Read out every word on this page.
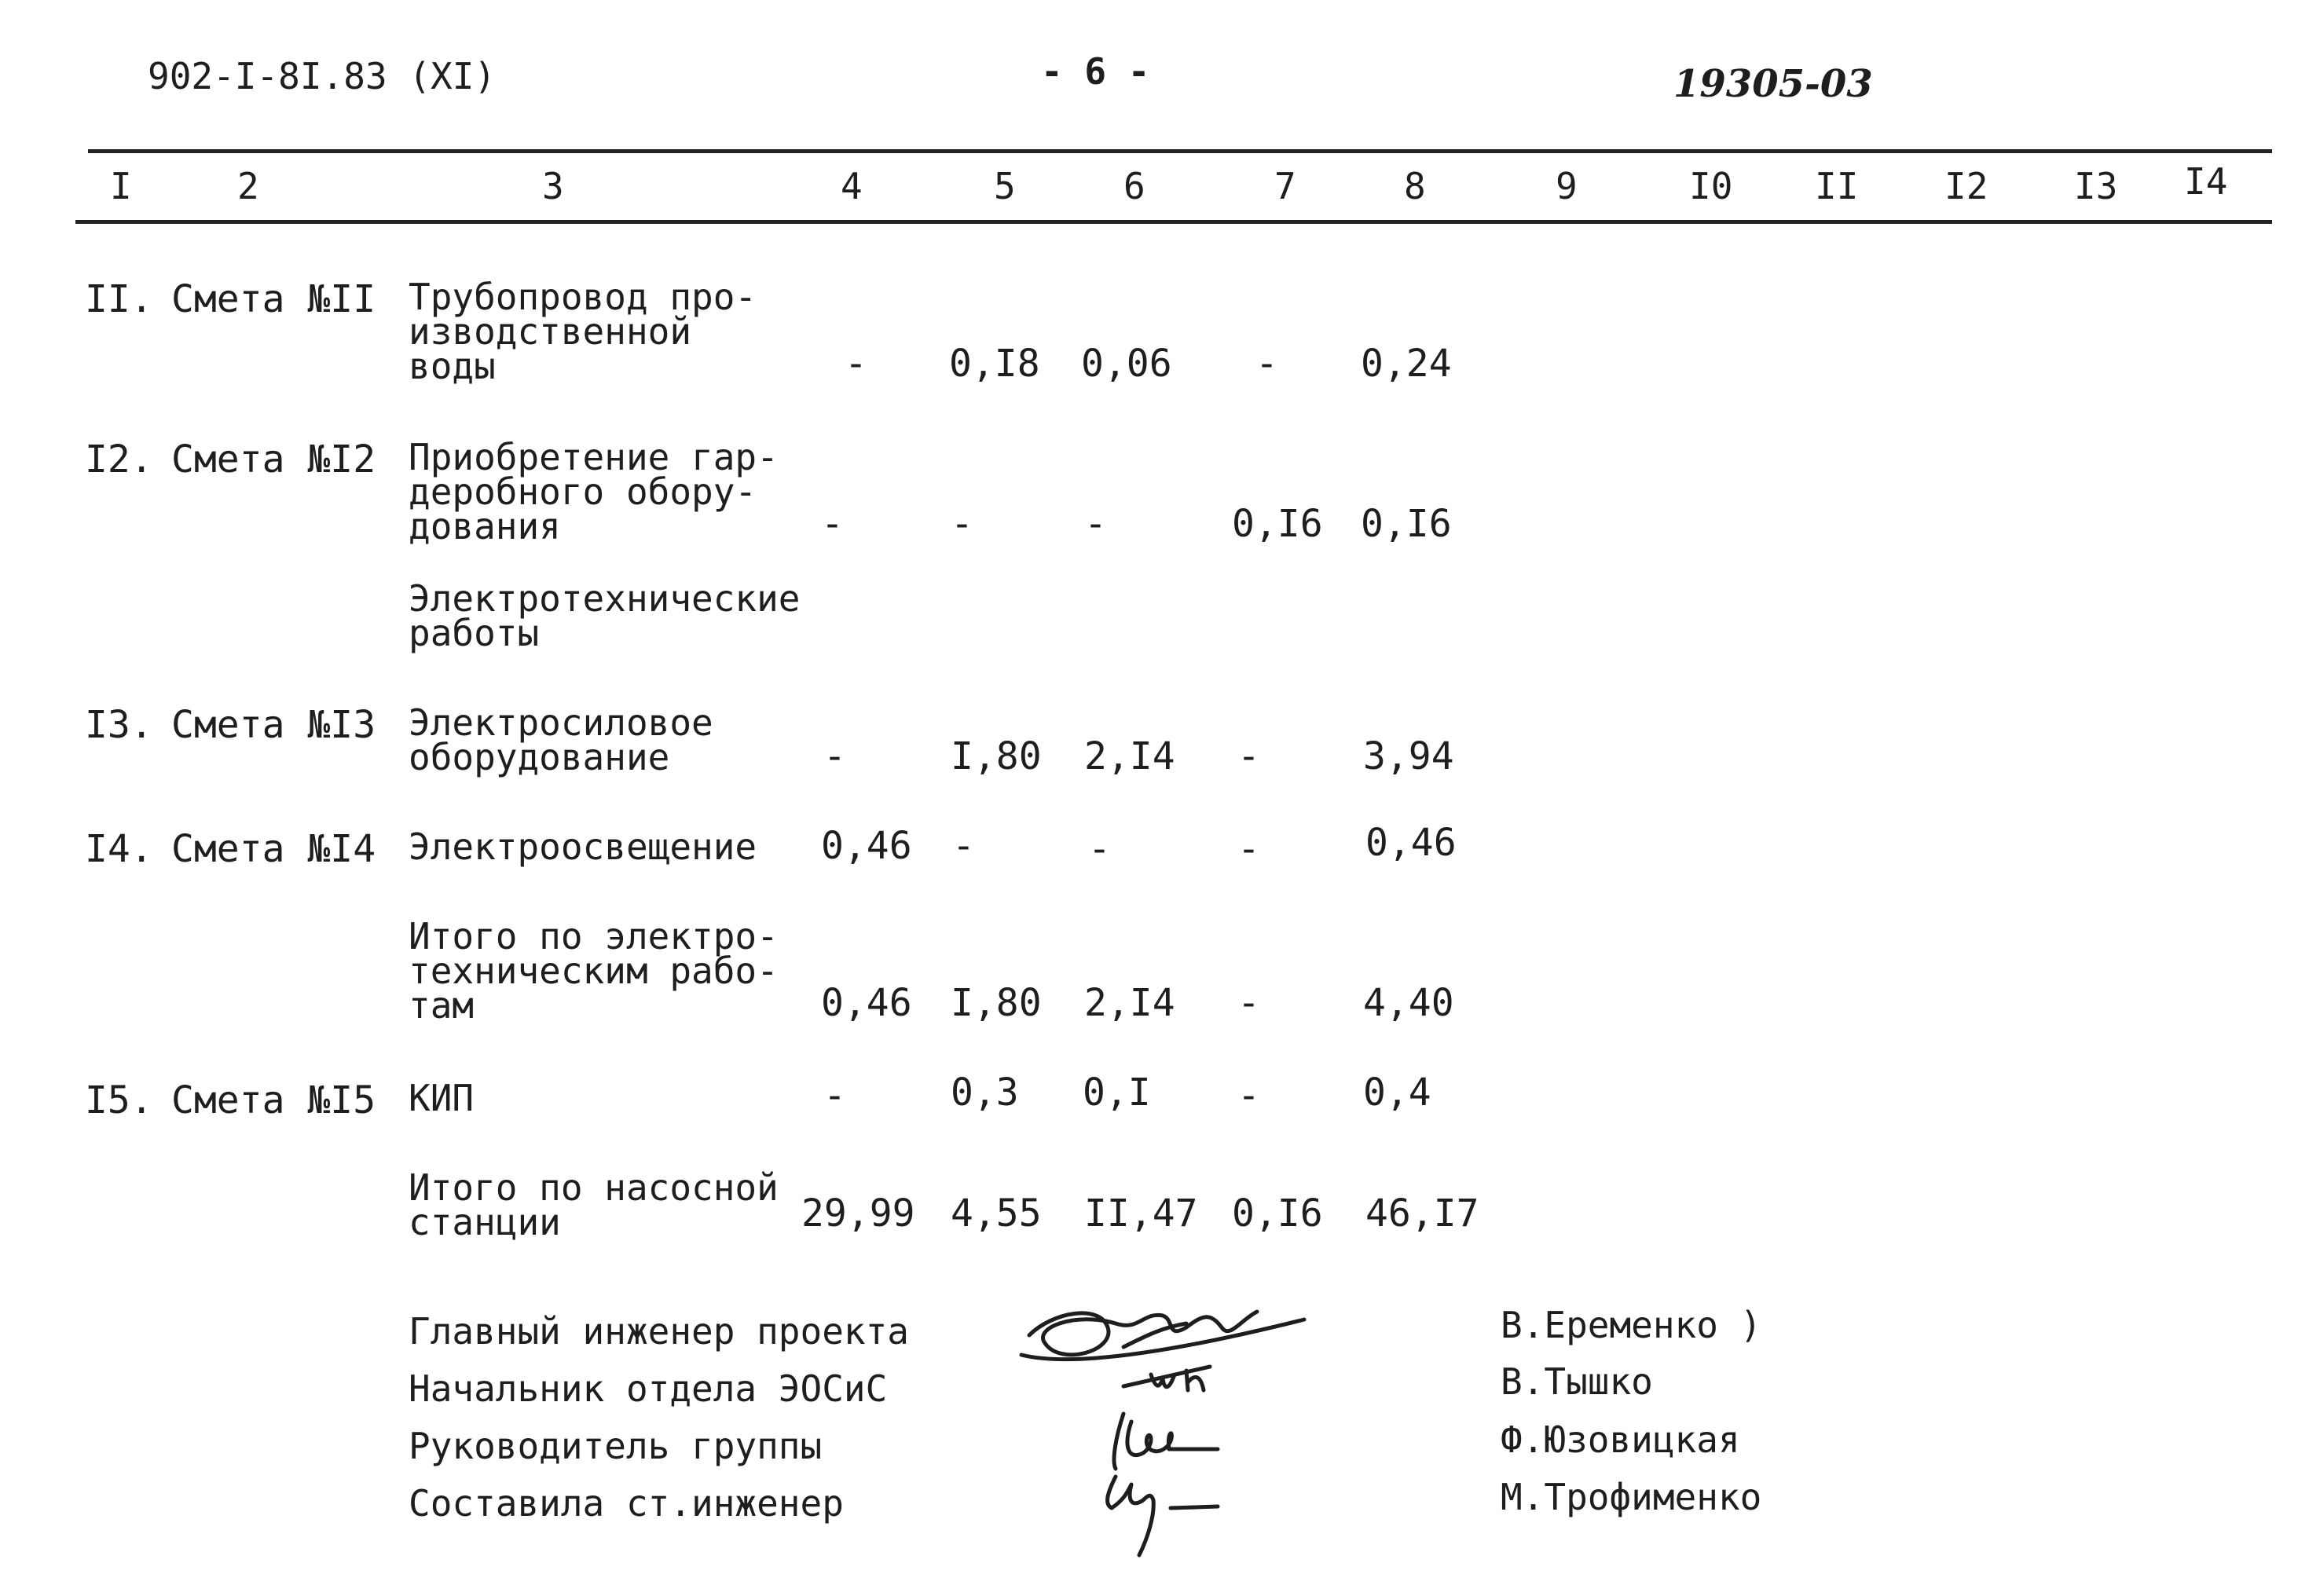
902-I-8I.83 (XI)	- 6 -	19305-03
I	2	3	4	5	6	7	8	9	I0 II I2 I3 I4
II. Смета №II Трубопровод про-
изводственной
воды	- 0,I8 0,06 - 0,24
I2. Смета №I2 Приобретение гар-
деробного обору-
дования	-	-	-	0,I6 0,I6
Электротехнические
работы
I3. Смета №I3 Электросиловое
оборудование	-	I,80 2,I4 -	3,94
I4. Смета №I4 Электроосвещение 0,46 -	-	-	0,46
Итого по электро-
техническим рабо-
там	0,46 I,80 2,I4 -	4,40
I5. Смета №I5 КИП	-	0,3 0,I -	0,4
Итого по насосной
станции	29,99 4,55 II,47 0,I6 46,I7
Главный инженер проекта
Начальник отдела ЭОСиС
Руководитель группы
Составила ст.инженер
В.Еременко )
В.Тышко
Ф.Юзовицкая
М.Трофименко
